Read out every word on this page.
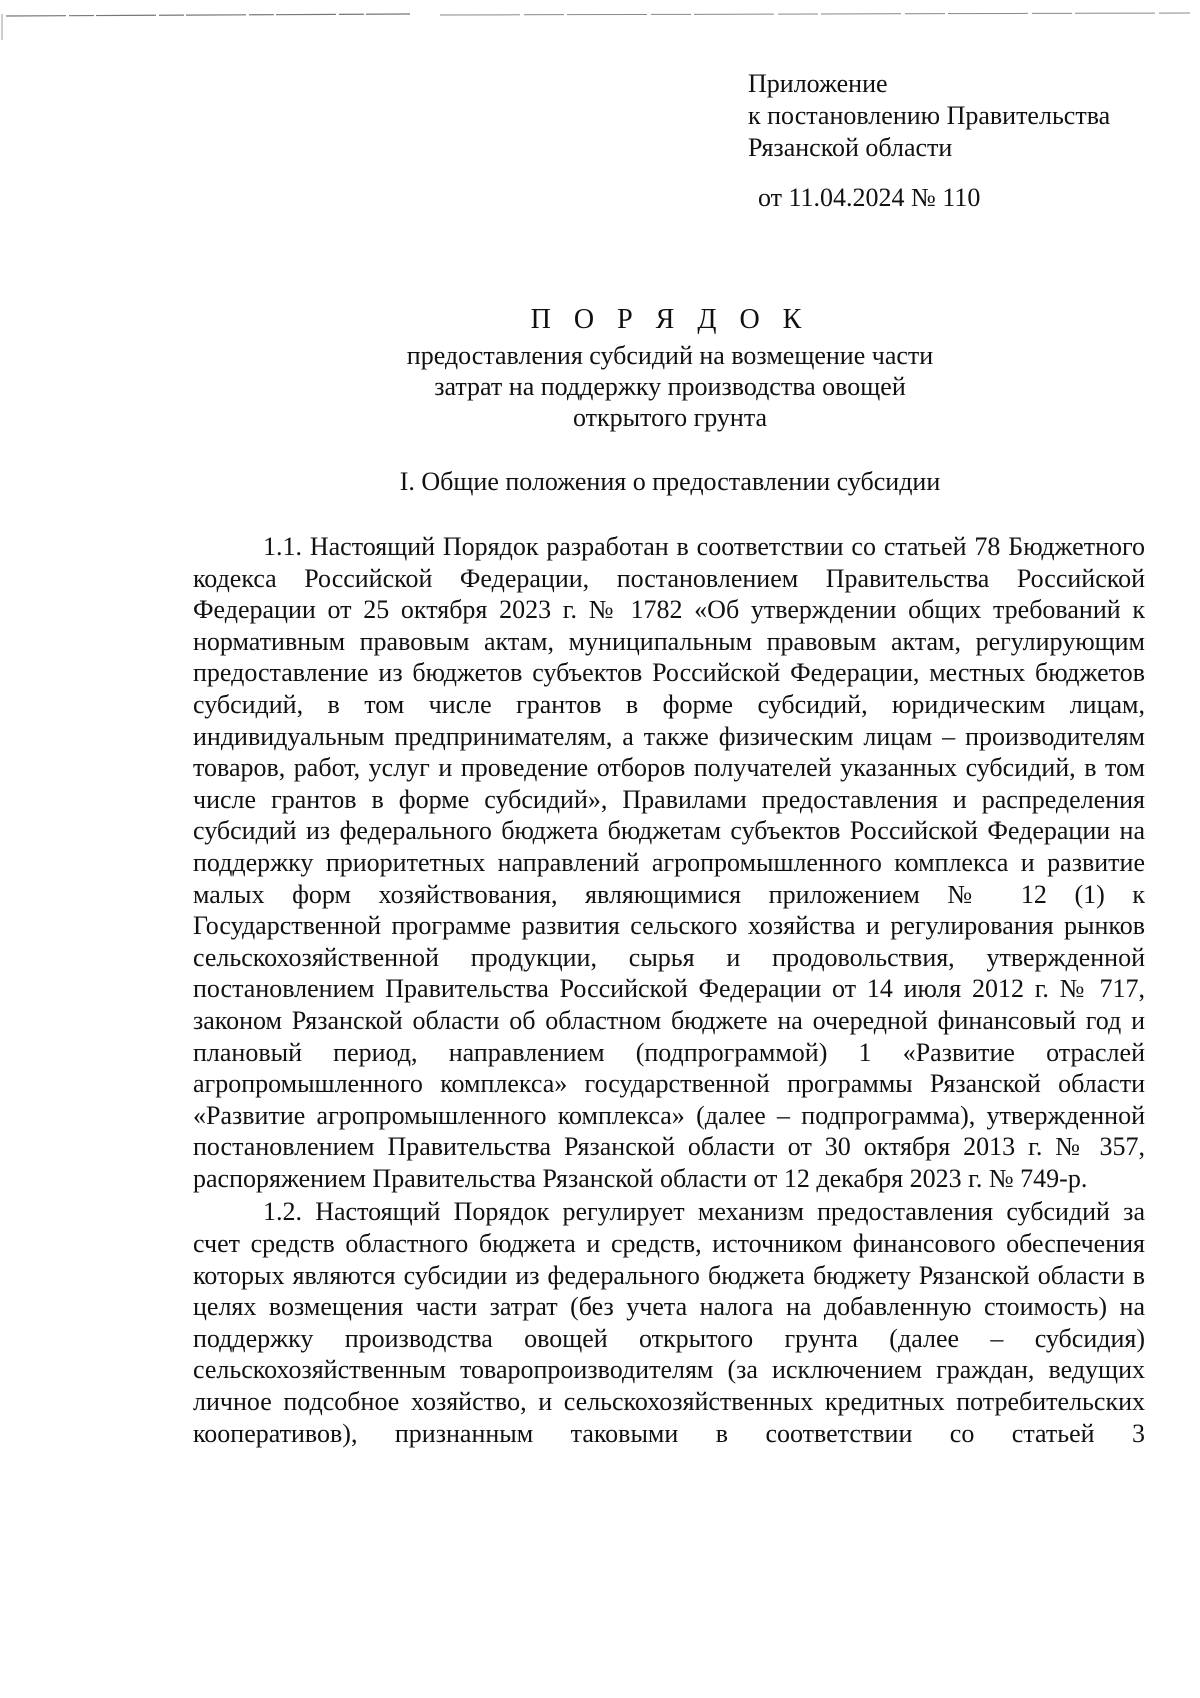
Приложение
к постановлению Правительства
Рязанской области
от 11.04.2024 № 110
П О Р Я Д О К
предоставления субсидий на возмещение части
затрат на поддержку производства овощей
открытого грунта
I. Общие положения о предоставлении субсидии

1.1. Настоящий Порядок разработан в соответствии со статьей 78 Бюджетного кодекса Российской Федерации, постановлением Правительства Российской Федерации от 25 октября 2023 г. № 1782 «Об утверждении общих требований к нормативным правовым актам, муниципальным правовым актам, регулирующим предоставление из бюджетов субъектов Российской Федерации, местных бюджетов субсидий, в том числе грантов в форме субсидий, юридическим лицам, индивидуальным предпринимателям, а также физическим лицам – производителям товаров, работ, услуг и проведение отборов получателей указанных субсидий, в том числе грантов в форме субсидий», Правилами предоставления и распределения субсидий из федерального бюджета бюджетам субъектов Российской Федерации на поддержку приоритетных направлений агропромышленного комплекса и развитие малых форм хозяйствования, являющимися приложением № 12 (1) к Государственной программе развития сельского хозяйства и регулирования рынков сельскохозяйственной продукции, сырья и продовольствия, утвержденной постановлением Правительства Российской Федерации от 14 июля 2012 г. № 717, законом Рязанской области об областном бюджете на очередной финансовый год и плановый период, направлением (подпрограммой) 1 «Развитие отраслей агропромышленного комплекса» государственной программы Рязанской области «Развитие агропромышленного комплекса» (далее – подпрограмма), утвержденной постановлением Правительства Рязанской области от 30 октября 2013 г. № 357, распоряжением Правительства Рязанской области от 12 декабря 2023 г. № 749-р.

1.2. Настоящий Порядок регулирует механизм предоставления субсидий за счет средств областного бюджета и средств, источником финансового обеспечения которых являются субсидии из федерального бюджета бюджету Рязанской области в целях возмещения части затрат (без учета налога на добавленную стоимость) на поддержку производства овощей открытого грунта (далее – субсидия) сельскохозяйственным товаропроизводителям (за исключением граждан, ведущих личное подсобное хозяйство, и сельскохозяйственных кредитных потребительских кооперативов), признанным таковыми в соответствии со статьей 3
